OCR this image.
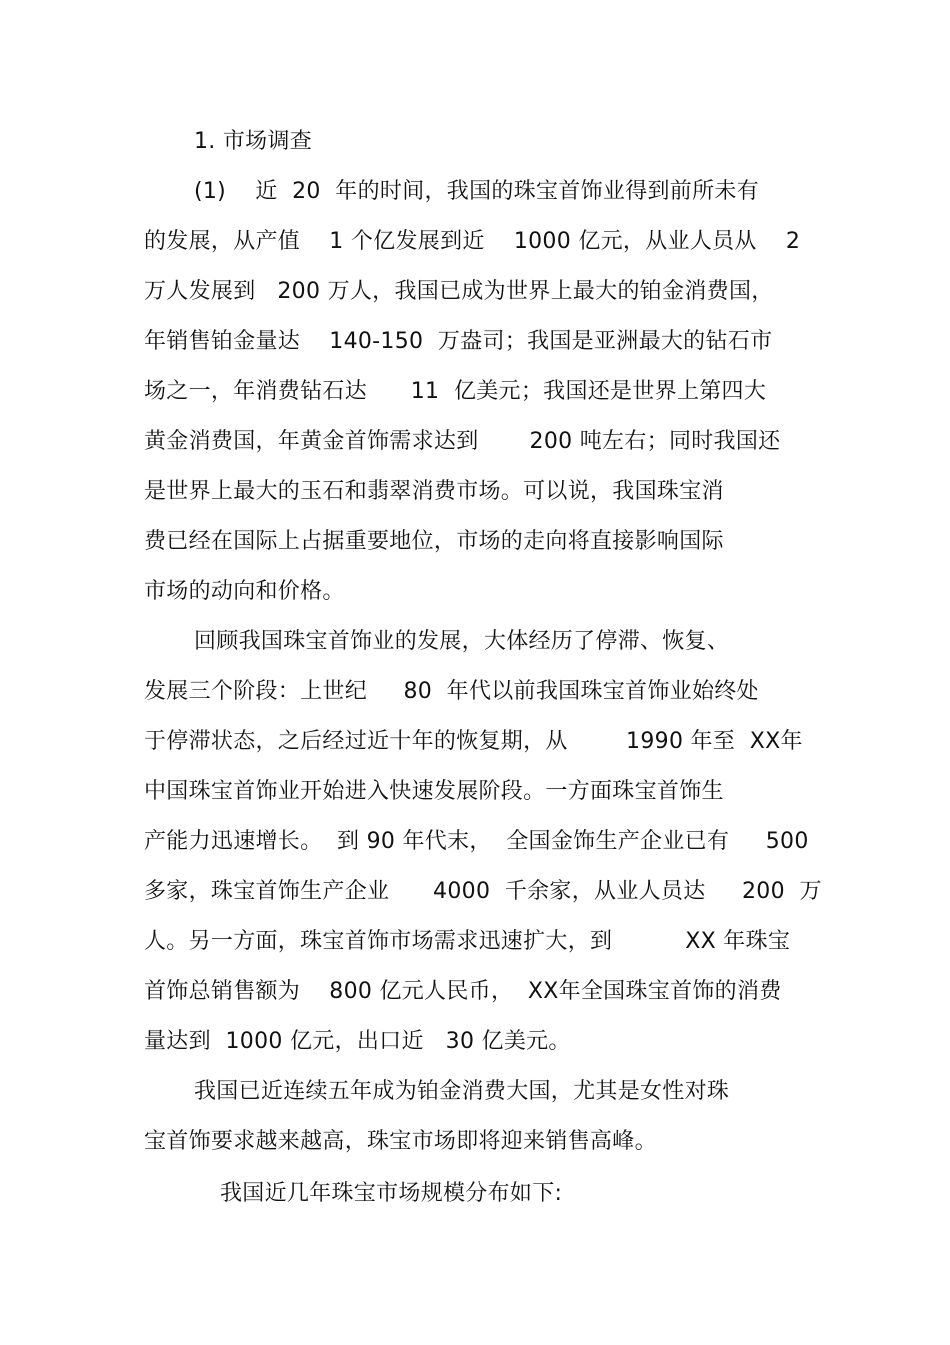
1. 市场调查
(1)    近  20  年的时间，我国的珠宝首饰业得到前所未有
的发展，从产值    1 个亿发展到近    1000 亿元，从业人员从    2
万人发展到   200 万人，我国已成为世界上最大的铂金消费国，
年销售铂金量达    140-150  万盎司；我国是亚洲最大的钻石市
场之一，年消费钻石达      11  亿美元；我国还是世界上第四大
黄金消费国，年黄金首饰需求达到       200 吨左右；同时我国还
是世界上最大的玉石和翡翠消费市场。可以说，我国珠宝消
费已经在国际上占据重要地位，市场的走向将直接影响国际
市场的动向和价格。
回顾我国珠宝首饰业的发展，大体经历了停滞、恢复、
发展三个阶段：上世纪     80  年代以前我国珠宝首饰业始终处
于停滞状态，之后经过近十年的恢复期，从        1990 年至  XX年
中国珠宝首饰业开始进入快速发展阶段。一方面珠宝首饰生
产能力迅速增长。  到 90 年代末，  全国金饰生产企业已有     500
多家，珠宝首饰生产企业      4000  千余家，从业人员达     200  万
人。另一方面，珠宝首饰市场需求迅速扩大，到          XX 年珠宝
首饰总销售额为    800 亿元人民币，  XX年全国珠宝首饰的消费
量达到  1000 亿元，出口近   30 亿美元。
我国已近连续五年成为铂金消费大国，尤其是女性对珠
宝首饰要求越来越高，珠宝市场即将迎来销售高峰。
我国近几年珠宝市场规模分布如下:
